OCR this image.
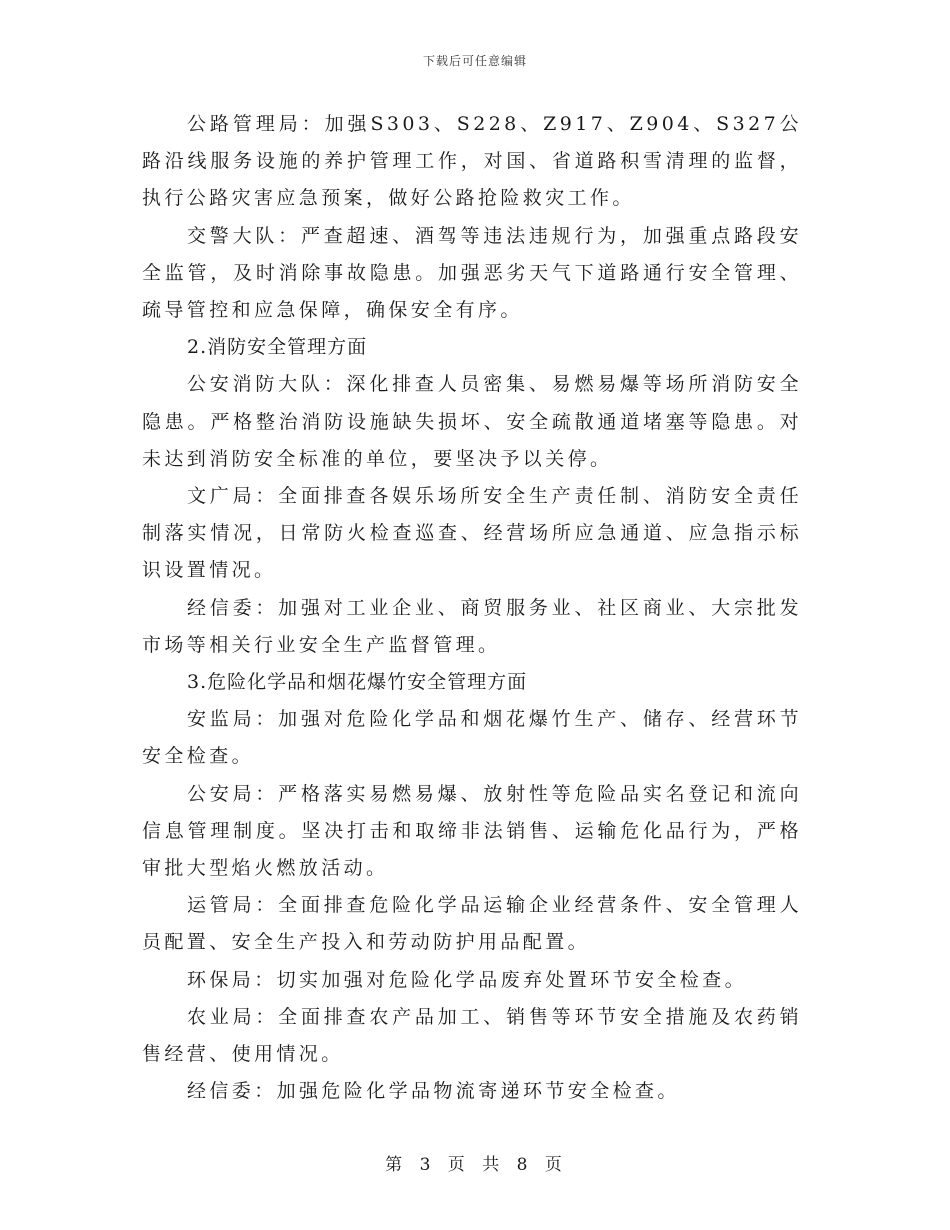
下载后可任意编辑

公路管理局：加强S303、S228、Z917、Z904、S327公路沿线服务设施的养护管理工作，对国、省道路积雪清理的监督，执行公路灾害应急预案，做好公路抢险救灾工作。

交警大队：严查超速、酒驾等违法违规行为，加强重点路段安全监管，及时消除事故隐患。加强恶劣天气下道路通行安全管理、疏导管控和应急保障，确保安全有序。

2.消防安全管理方面

公安消防大队：深化排查人员密集、易燃易爆等场所消防安全隐患。严格整治消防设施缺失损坏、安全疏散通道堵塞等隐患。对未达到消防安全标准的单位，要坚决予以关停。

文广局：全面排查各娱乐场所安全生产责任制、消防安全责任制落实情况，日常防火检查巡查、经营场所应急通道、应急指示标识设置情况。

经信委：加强对工业企业、商贸服务业、社区商业、大宗批发市场等相关行业安全生产监督管理。

3.危险化学品和烟花爆竹安全管理方面

安监局：加强对危险化学品和烟花爆竹生产、储存、经营环节安全检查。

公安局：严格落实易燃易爆、放射性等危险品实名登记和流向信息管理制度。坚决打击和取缔非法销售、运输危化品行为，严格审批大型焰火燃放活动。

运管局：全面排查危险化学品运输企业经营条件、安全管理人员配置、安全生产投入和劳动防护用品配置。

环保局：切实加强对危险化学品废弃处置环节安全检查。

农业局：全面排查农产品加工、销售等环节安全措施及农药销售经营、使用情况。

经信委：加强危险化学品物流寄递环节安全检查。

第 3 页 共 8 页
